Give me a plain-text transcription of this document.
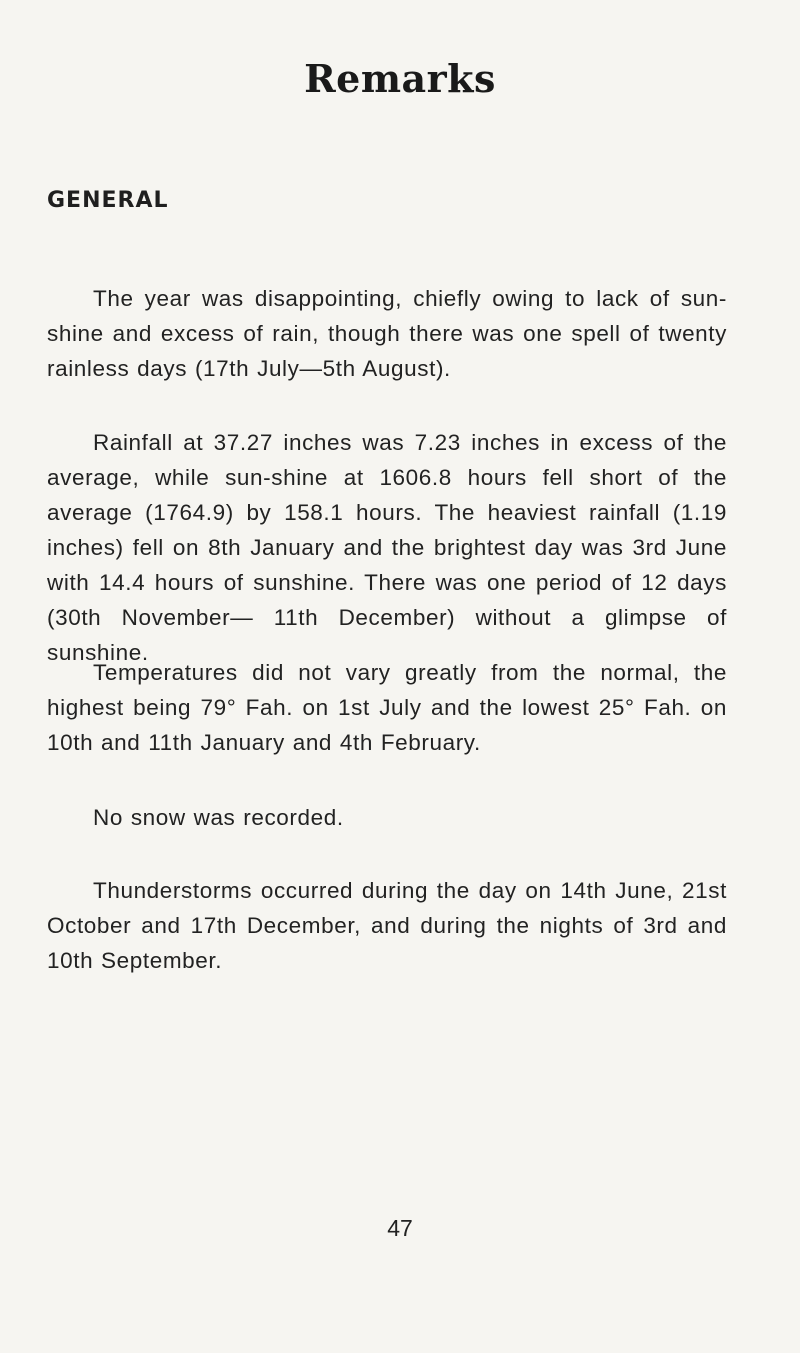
Remarks
GENERAL

The year was disappointing, chiefly owing to lack of sun-shine and excess of rain, though there was one spell of twenty rainless days (17th July—5th August).

Rainfall at 37.27 inches was 7.23 inches in excess of the average, while sun-shine at 1606.8 hours fell short of the average (1764.9) by 158.1 hours. The heaviest rainfall (1.19 inches) fell on 8th January and the brightest day was 3rd June with 14.4 hours of sunshine. There was one period of 12 days (30th November— 11th December) without a glimpse of sunshine.

Temperatures did not vary greatly from the normal, the highest being 79° Fah. on 1st July and the lowest 25° Fah. on 10th and 11th January and 4th February.

No snow was recorded.

Thunderstorms occurred during the day on 14th June, 21st October and 17th December, and during the nights of 3rd and 10th September.

47
